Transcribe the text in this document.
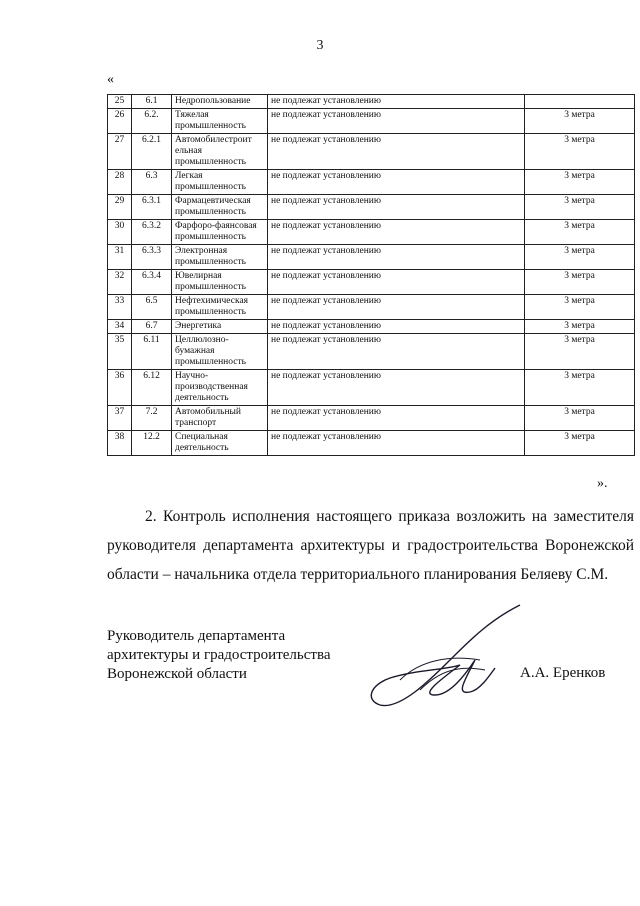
3
«
25	6.1	Недропользование	не подлежат установлению	
26	6.2.	Тяжелая промышленность	не подлежат установлению	3 метра
27	6.2.1	Автомобилестроит ельная промышленность	не подлежат установлению	3 метра
28	6.3	Легкая промышленность	не подлежат установлению	3 метра
29	6.3.1	Фармацевтическая промышленность	не подлежат установлению	3 метра
30	6.3.2	Фарфоро-фаянсовая промышленность	не подлежат установлению	3 метра
31	6.3.3	Электронная промышленность	не подлежат установлению	3 метра
32	6.3.4	Ювелирная промышленность	не подлежат установлению	3 метра
33	6.5	Нефтехимическая промышленность	не подлежат установлению	3 метра
34	6.7	Энергетика	не подлежат установлению	3 метра
35	6.11	Целлюлозно-бумажная промышленность	не подлежат установлению	3 метра
36	6.12	Научно-производственная деятельность	не подлежат установлению	3 метра
37	7.2	Автомобильный транспорт	не подлежат установлению	3 метра
38	12.2	Специальная деятельность	не подлежат установлению	3 метра
».
2. Контроль исполнения настоящего приказа возложить на заместителя руководителя департамента архитектуры и градостроительства Воронежской области – начальника отдела территориального планирования Беляеву С.М.
Руководитель департамента
архитектуры и градостроительства
Воронежской области	А.А. Еренков
